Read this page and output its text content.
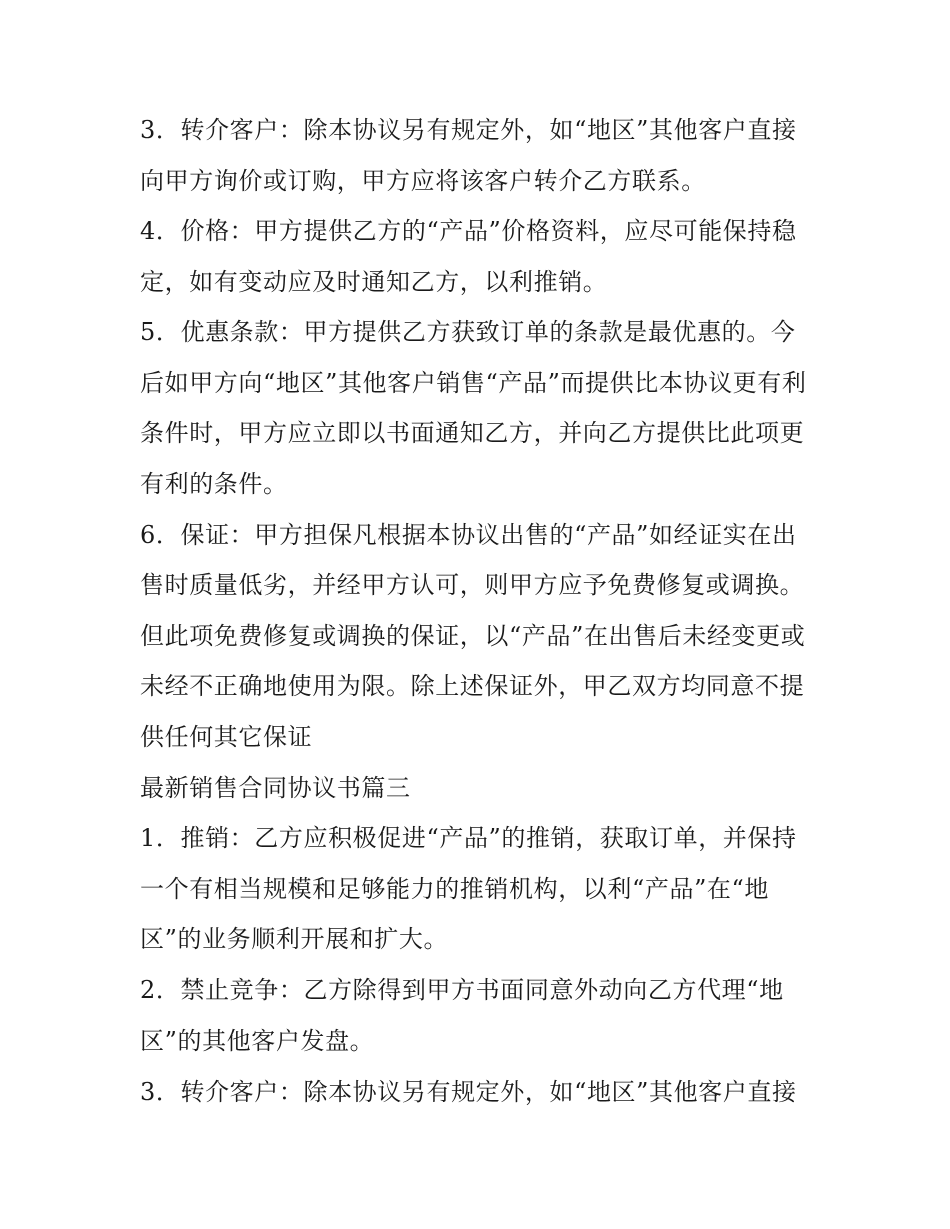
3．转介客户：除本协议另有规定外，如“地区”其他客户直接
向甲方询价或订购，甲方应将该客户转介乙方联系。
4．价格：甲方提供乙方的“产品”价格资料，应尽可能保持稳
定，如有变动应及时通知乙方，以利推销。
5．优惠条款：甲方提供乙方获致订单的条款是最优惠的。今
后如甲方向“地区”其他客户销售“产品”而提供比本协议更有利
条件时，甲方应立即以书面通知乙方，并向乙方提供比此项更
有利的条件。
6．保证：甲方担保凡根据本协议出售的“产品”如经证实在出
售时质量低劣，并经甲方认可，则甲方应予免费修复或调换。
但此项免费修复或调换的保证，以“产品”在出售后未经变更或
未经不正确地使用为限。除上述保证外，甲乙双方均同意不提
供任何其它保证
最新销售合同协议书篇三
1．推销：乙方应积极促进“产品”的推销，获取订单，并保持
一个有相当规模和足够能力的推销机构，以利“产品”在“地
区”的业务顺利开展和扩大。
2．禁止竞争：乙方除得到甲方书面同意外动向乙方代理“地
区”的其他客户发盘。
3．转介客户：除本协议另有规定外，如“地区”其他客户直接
